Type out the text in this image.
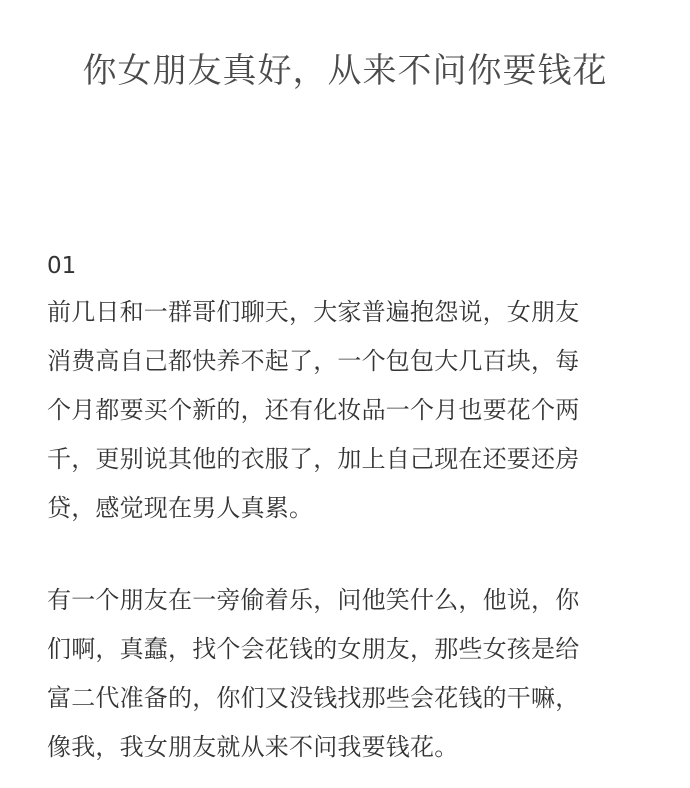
你女朋友真好，从来不问你要钱花
01
前几日和一群哥们聊天，大家普遍抱怨说，女朋友
消费高自己都快养不起了，一个包包大几百块，每
个月都要买个新的，还有化妆品一个月也要花个两
千，更别说其他的衣服了，加上自己现在还要还房
贷，感觉现在男人真累。
有一个朋友在一旁偷着乐，问他笑什么，他说，你
们啊，真蠢，找个会花钱的女朋友，那些女孩是给
富二代准备的，你们又没钱找那些会花钱的干嘛，
像我，我女朋友就从来不问我要钱花。
